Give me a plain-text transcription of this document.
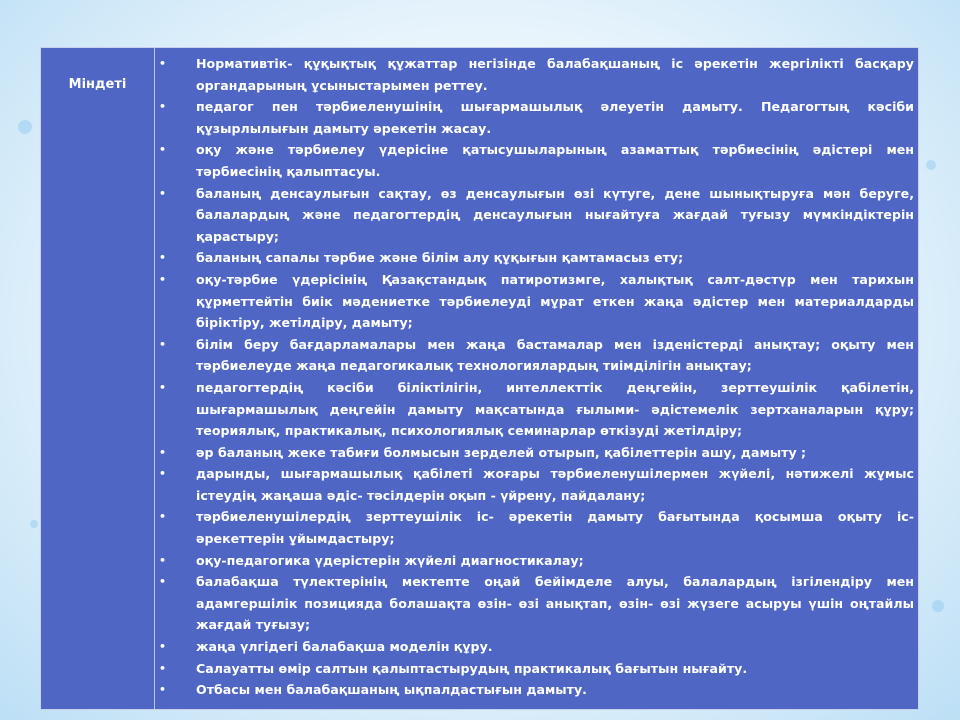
Міндеті
• Нормативтік- құқықтық құжаттар негізінде балабақшаның іс әрекетін жергілікті басқару органдарының ұсыныстарымен реттеу.
• педагог пен тәрбиеленушінің шығармашылық әлеуетін дамыту. Педагогтың кәсіби құзырлылығын дамыту әрекетін жасау.
• оқу және тәрбиелеу үдерісіне қатысушыларының азаматтық тәрбиесінің әдістері мен тәрбиесінің қалыптасуы.
• баланың денсаулығын сақтау, өз денсаулығын өзі күтуге, дене шынықтыруға мән беруге, балалардың және педагогтердің денсаулығын нығайтуға жағдай туғызу мүмкіндіктерін қарастыру;
• баланың сапалы тәрбие және білім алу құқығын қамтамасыз ету;
• оқу-тәрбие үдерісінің Қазақстандық патиротизмге, халықтық салт-дәстүр мен тарихын құрметтейтін биік мәдениетке тәрбиелеуді мұрат еткен жаңа әдістер мен материалдарды біріктіру, жетілдіру, дамыту;
• білім беру бағдарламалары мен жаңа бастамалар мен ізденістерді анықтау; оқыту мен тәрбиелеуде жаңа педагогикалық технологиялардың тиімділігін анықтау;
• педагогтердің кәсіби біліктілігін, интеллекттік деңгейін, зерттеушілік қабілетін, шығармашылық деңгейін дамыту мақсатында ғылыми- әдістемелік зертханаларын құру; теориялық, практикалық, психологиялық семинарлар өткізуді жетілдіру;
• әр баланың жеке табиғи болмысын зерделей отырып, қабілеттерін ашу, дамыту ;
• дарынды, шығармашылық қабілеті жоғары тәрбиеленушілермен жүйелі, нәтижелі жұмыс істеудің жаңаша әдіс- тәсілдерін оқып - үйрену, пайдалану;
• тәрбиеленушілердің зерттеушілік іс- әрекетін дамыту бағытында қосымша оқыту іс-әрекеттерін ұйымдастыру;
• оқу-педагогика үдерістерін жүйелі диагностикалау;
• балабақша түлектерінің мектепте оңай бейімделе алуы, балалардың ізгілендіру мен адамгершілік позицияда болашақта өзін- өзі анықтап, өзін- өзі жүзеге асыруы үшін оңтайлы жағдай туғызу;
• жаңа үлгідегі балабақша моделін құру.
• Салауатты өмір салтын қалыптастырудың практикалық бағытын нығайту.
• Отбасы мен балабақшаның ықпалдастығын дамыту.
